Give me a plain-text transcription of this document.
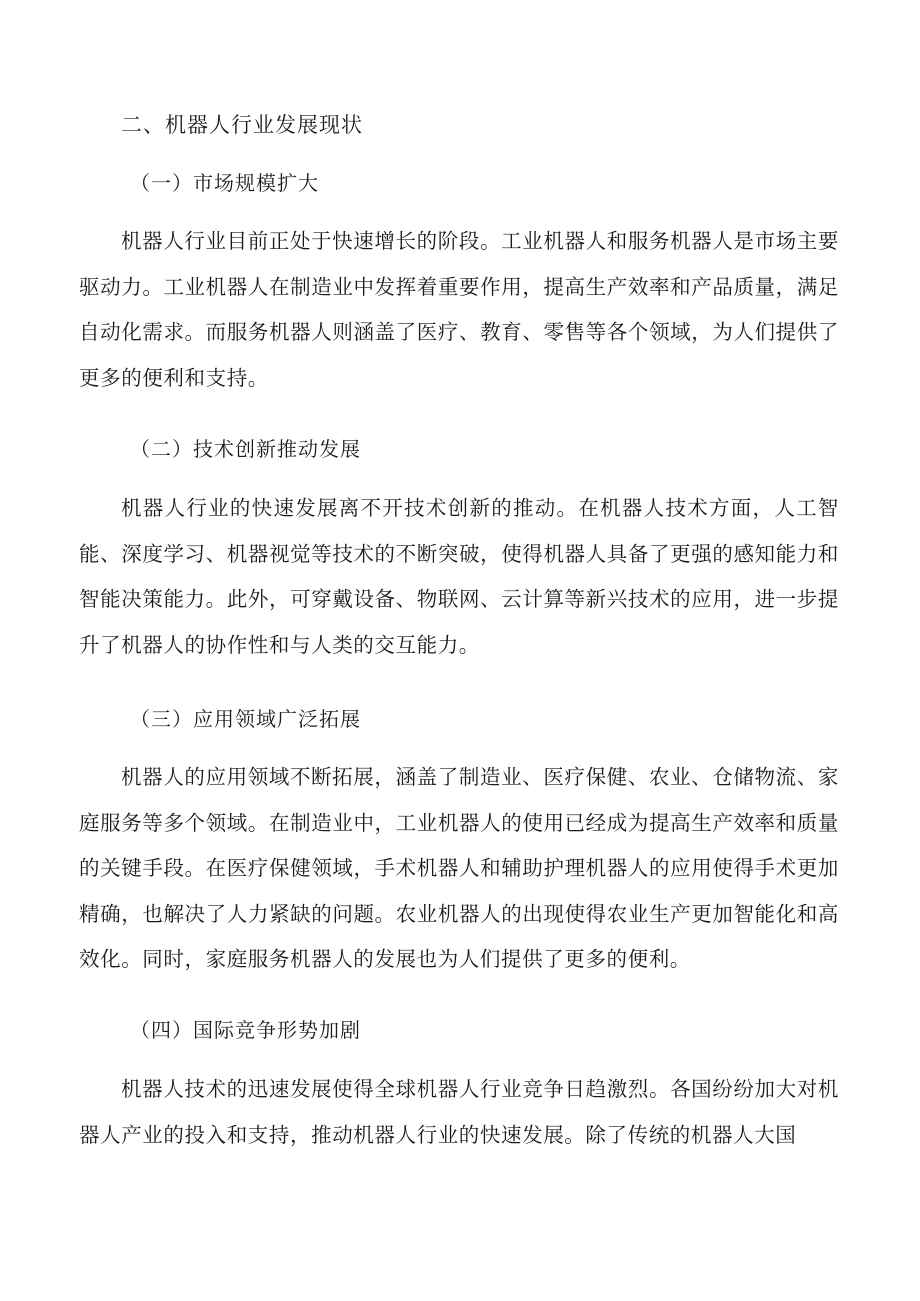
二、机器人行业发展现状
（一）市场规模扩大

机器人行业目前正处于快速增长的阶段。工业机器人和服务机器人是市场主要驱动力。工业机器人在制造业中发挥着重要作用，提高生产效率和产品质量，满足自动化需求。而服务机器人则涵盖了医疗、教育、零售等各个领域，为人们提供了更多的便利和支持。

（二）技术创新推动发展

机器人行业的快速发展离不开技术创新的推动。在机器人技术方面，人工智能、深度学习、机器视觉等技术的不断突破，使得机器人具备了更强的感知能力和智能决策能力。此外，可穿戴设备、物联网、云计算等新兴技术的应用，进一步提升了机器人的协作性和与人类的交互能力。

（三）应用领域广泛拓展

机器人的应用领域不断拓展，涵盖了制造业、医疗保健、农业、仓储物流、家庭服务等多个领域。在制造业中，工业机器人的使用已经成为提高生产效率和质量的关键手段。在医疗保健领域，手术机器人和辅助护理机器人的应用使得手术更加精确，也解决了人力紧缺的问题。农业机器人的出现使得农业生产更加智能化和高效化。同时，家庭服务机器人的发展也为人们提供了更多的便利。

（四）国际竞争形势加剧

机器人技术的迅速发展使得全球机器人行业竞争日趋激烈。各国纷纷加大对机器人产业的投入和支持，推动机器人行业的快速发展。除了传统的机器人大国
